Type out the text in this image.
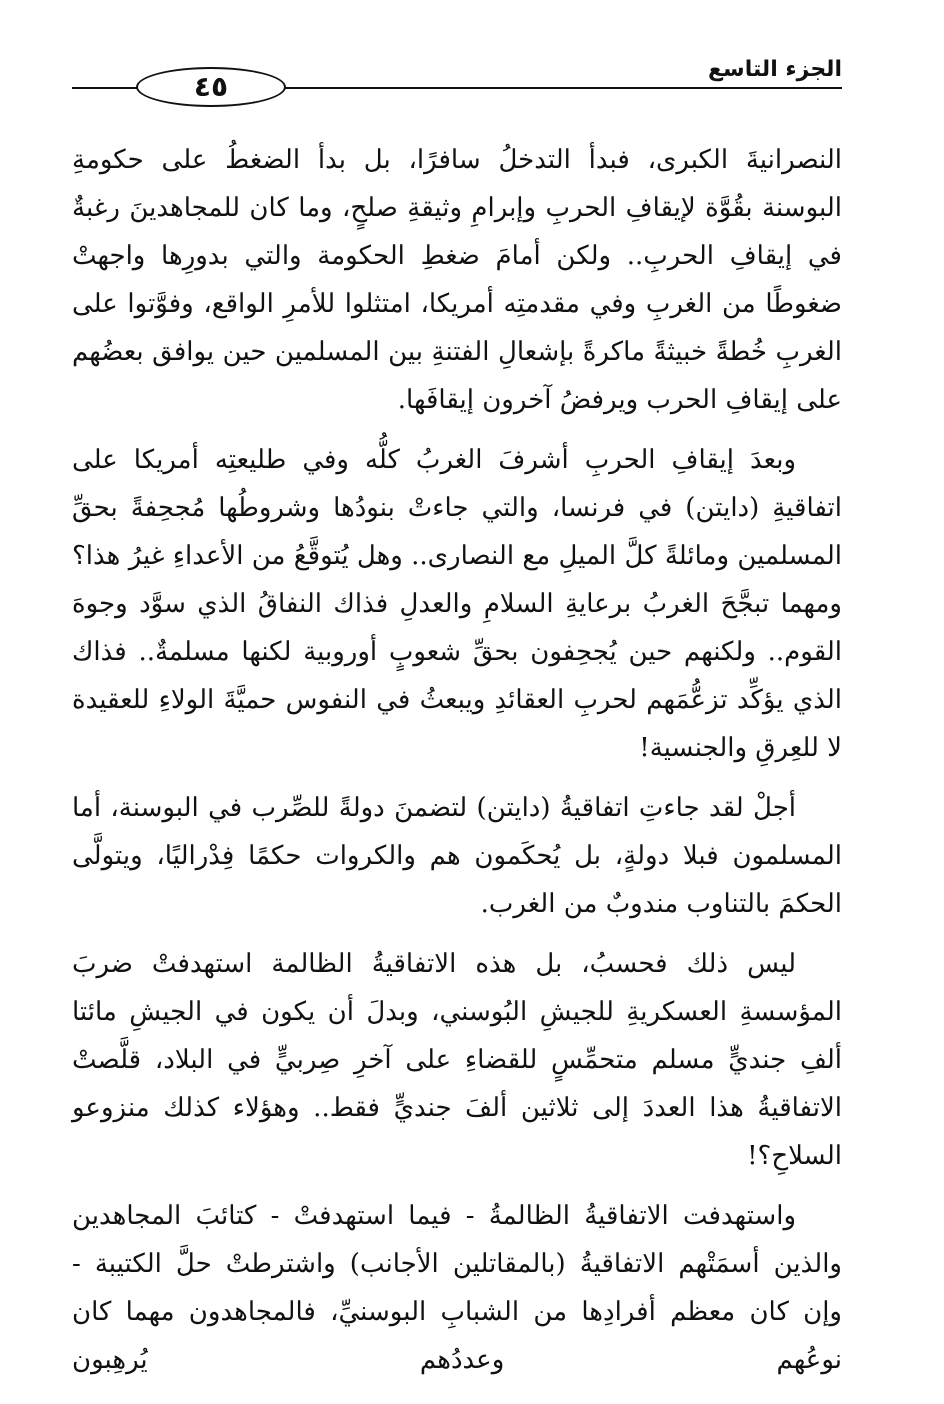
٤٥
الجزء التاسع

النصرانيةَ الكبرى، فبدأ التدخلُ سافرًا، بل بدأ الضغطُ على حكومةِ البوسنة بقُوَّة لإيقافِ الحربِ وإبرامِ وثيقةِ صلحٍ، وما كان للمجاهدينَ رغبةٌ في إيقافِ الحربِ.. ولكن أمامَ ضغطِ الحكومة والتي بدورِها واجهتْ ضغوطًا من الغربِ وفي مقدمتِه أمريكا، امتثلوا للأمرِ الواقع، وفوَّتوا على الغربِ خُطةً خبيثةً ماكرةً بإشعالِ الفتنةِ بين المسلمين حين يوافق بعضُهم على إيقافِ الحرب ويرفضُ آخرون إيقافَها.

وبعدَ إيقافِ الحربِ أشرفَ الغربُ كلُّه وفي طليعتِه أمريكا على اتفاقيةِ (دايتن) في فرنسا، والتي جاءتْ بنودُها وشروطُها مُجحِفةً بحقِّ المسلمين ومائلةً كلَّ الميلِ مع النصارى.. وهل يُتوقَّعُ من الأعداءِ غيرُ هذا؟ ومهما تبجَّحَ الغربُ برعايةِ السلامِ والعدلِ فذاك النفاقُ الذي سوَّد وجوهَ القوم.. ولكنهم حين يُجحِفون بحقِّ شعوبٍ أوروبية لكنها مسلمةٌ.. فذاك الذي يؤكِّد تزعُّمَهم لحربِ العقائدِ ويبعثُ في النفوس حميَّةَ الولاءِ للعقيدة لا للعِرقِ والجنسية!

أجلْ لقد جاءتِ اتفاقيةُ (دايتن) لتضمنَ دولةً للصِّرب في البوسنة، أما المسلمون فبلا دولةٍ، بل يُحكَمون هم والكروات حكمًا فِدْراليًا، ويتولَّى الحكمَ بالتناوب مندوبٌ من الغرب.

ليس ذلك فحسبُ، بل هذه الاتفاقيةُ الظالمة استهدفتْ ضربَ المؤسسةِ العسكريةِ للجيشِ البُوسني، وبدلَ أن يكون في الجيشِ مائتا ألفِ جنديٍّ مسلم متحمِّسٍ للقضاءِ على آخرِ صِربيٍّ في البلاد، قلَّصتْ الاتفاقيةُ هذا العددَ إلى ثلاثين ألفَ جنديٍّ فقط.. وهؤلاء كذلك منزوعو السلاحِ؟!

واستهدفت الاتفاقيةُ الظالمةُ - فيما استهدفتْ - كتائبَ المجاهدين والذين أسمَتْهم الاتفاقيةُ (بالمقاتلين الأجانب) واشترطتْ حلَّ الكتيبة - وإن كان معظم أفرادِها من الشبابِ البوسنيِّ، فالمجاهدون مهما كان نوعُهم وعددُهم يُرهِبون
